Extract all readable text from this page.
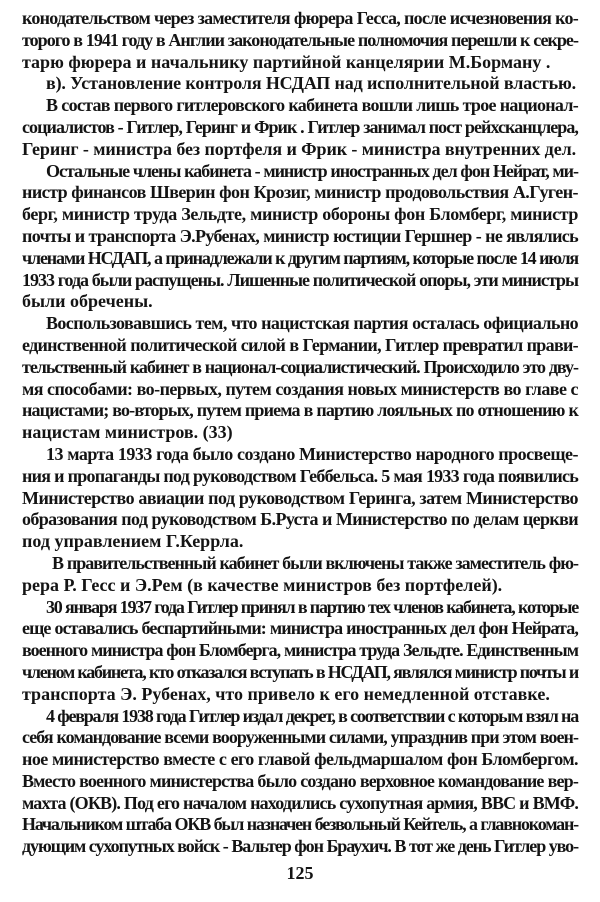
конодательством через заместителя фюрера Гесса, после исчезновения ко-
торого в 1941 году в Англии законодательные полномочия перешли к секре-
тарю фюрера и начальнику партийной канцелярии М.Борману .
в). Установление контроля НСДАП над исполнительной властью.
В состав первого гитлеровского кабинета вошли лишь трое национал-
социалистов - Гитлер, Геринг и Фрик . Гитлер занимал пост рейхсканцлера,
Геринг - министра без портфеля и Фрик - министра внутренних дел.
Остальные члены кабинета - министр иностранных дел фон Нейрат, ми-
нистр финансов Шверин фон Крозиг, министр продовольствия А.Гуген-
берг, министр труда Зельдте, министр обороны фон Бломберг, министр
почты и транспорта Э.Рубенах, министр юстиции Гершнер - не являлись
членами НСДАП, а принадлежали к другим партиям, которые после 14 июля
1933 года были распущены. Лишенные политической опоры, эти министры
были обречены.
Воспользовавшись тем, что нацистская партия осталась официально
единственной политической силой в Германии, Гитлер превратил прави-
тельственный кабинет в национал-социалистический. Происходило это дву-
мя способами: во-первых, путем создания новых министерств во главе с
нацистами; во-вторых, путем приема в партию лояльных по отношению к
нацистам министров. (33)
13 марта 1933 года было создано Министерство народного просвеще-
ния и пропаганды под руководством Геббельса. 5 мая 1933 года появились
Министерство авиации под руководством Геринга, затем Министерство
образования под руководством Б.Руста и Министерство по делам церкви
под управлением Г.Керрла.
В правительственный кабинет были включены также заместитель фю-
рера Р. Гесс и Э.Рем (в качестве министров без портфелей).
30 января 1937 года Гитлер принял в партию тех членов кабинета, которые
еще оставались беспартийными: министра иностранных дел фон Нейрата,
военного министра фон Бломберга, министра труда Зельдте. Единственным
членом кабинета, кто отказался вступать в НСДАП, являлся министр почты и
транспорта Э. Рубенах, что привело к его немедленной отставке.
4 февраля 1938 года Гитлер издал декрет, в соответствии с которым взял на
себя командование всеми вооруженными силами, упразднив при этом воен-
ное министерство вместе с его главой фельдмаршалом фон Бломбергом.
Вместо военного министерства было создано верховное командование вер-
махта (ОКВ). Под его началом находились сухопутная армия, ВВС и ВМФ.
Начальником штаба ОКВ был назначен безвольный Кейтель, а главнокоман-
дующим сухопутных войск - Вальтер фон Браухич. В тот же день Гитлер уво-
125
